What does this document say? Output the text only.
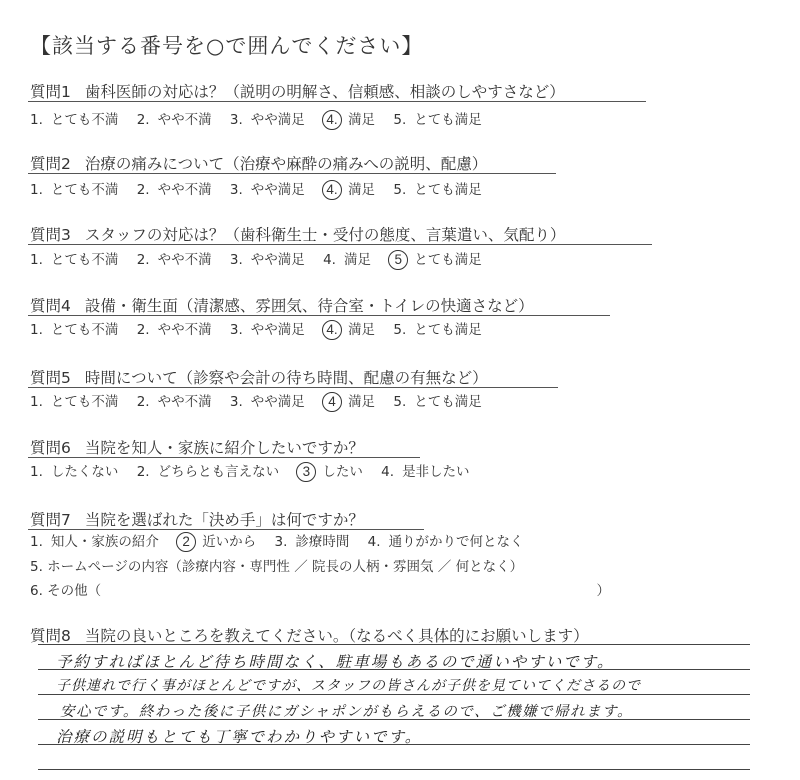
【該当する番号を○で囲んでください】
質問1 歯科医師の対応は？（説明の明解さ、信頼感、相談のしやすさなど）
1. とても不満 2. やや不満 3. やや満足 4. 満足 5. とても満足
質問2 治療の痛みについて（治療や麻酔の痛みへの説明、配慮）
1. とても不満 2. やや不満 3. やや満足 4. 満足 5. とても満足
質問3 スタッフの対応は？（歯科衛生士・受付の態度、言葉遣い、気配り）
1. とても不満 2. やや不満 3. やや満足 4. 満足 5 とても満足
質問4 設備・衛生面（清潔感、雰囲気、待合室・トイレの快適さなど）
1. とても不満 2. やや不満 3. やや満足 4. 満足 5. とても満足
質問5 時間について（診察や会計の待ち時間、配慮の有無など）
1. とても不満 2. やや不満 3. やや満足 4 満足 5. とても満足
質問6 当院を知人・家族に紹介したいですか？
1. したくない 2. どちらとも言えない 3 したい 4. 是非したい
質問7 当院を選ばれた「決め手」は何ですか？
1. 知人・家族の紹介 2 近いから 3. 診療時間 4. 通りがかりで何となく
5. ホームページの内容（診療内容・専門性 ／ 院長の人柄・雰囲気 ／ 何となく）
6. その他（	）
質問8 当院の良いところを教えてください。（なるべく具体的にお願いします）
予約すればほとんど待ち時間なく、駐車場もあるので通いやすいです。
子供連れで行く事がほとんどですが、スタッフの皆さんが子供を見ていてくださるので
安心です。終わった後に子供にガシャポンがもらえるので、ご機嫌で帰れます。
治療の説明もとても丁寧でわかりやすいです。
